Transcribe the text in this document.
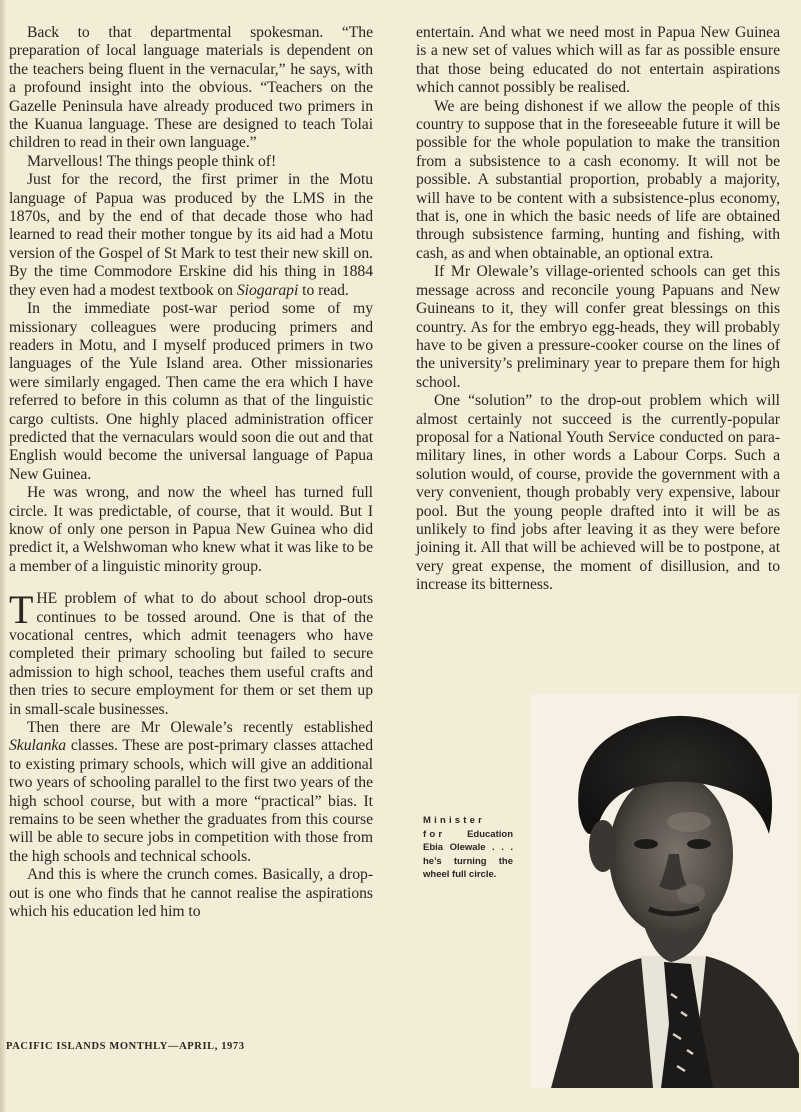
Back to that departmental spokesman. “The preparation of local language materials is dependent on the teachers being fluent in the vernacular,” he says, with a profound insight into the obvious. “Teachers on the Gazelle Peninsula have already produced two primers in the Kuanua language. These are designed to teach Tolai children to read in their own language.”

Marvellous! The things people think of!

Just for the record, the first primer in the Motu language of Papua was produced by the LMS in the 1870s, and by the end of that decade those who had learned to read their mother tongue by its aid had a Motu version of the Gospel of St Mark to test their new skill on. By the time Commodore Erskine did his thing in 1884 they even had a modest textbook on Siogarapi to read.

In the immediate post-war period some of my missionary colleagues were producing primers and readers in Motu, and I myself produced primers in two languages of the Yule Island area. Other missionaries were similarly engaged. Then came the era which I have referred to before in this column as that of the linguistic cargo cultists. One highly placed administration officer predicted that the vernaculars would soon die out and that English would become the universal language of Papua New Guinea.

He was wrong, and now the wheel has turned full circle. It was predictable, of course, that it would. But I know of only one person in Papua New Guinea who did predict it, a Welshwoman who knew what it was like to be a member of a linguistic minority group.

THE problem of what to do about school drop-outs continues to be tossed around. One is that of the vocational centres, which admit teenagers who have completed their primary schooling but failed to secure admission to high school, teaches them useful crafts and then tries to secure employment for them or set them up in small-scale businesses.

Then there are Mr Olewale’s recently established Skulanka classes. These are post-primary classes attached to existing primary schools, which will give an additional two years of schooling parallel to the first two years of the high school course, but with a more “practical” bias. It remains to be seen whether the graduates from this course will be able to secure jobs in competition with those from the high schools and technical schools.

And this is where the crunch comes. Basically, a drop-out is one who finds that he cannot realise the aspirations which his education led him to

entertain. And what we need most in Papua New Guinea is a new set of values which will as far as possible ensure that those being educated do not entertain aspirations which cannot possibly be realised.

We are being dishonest if we allow the people of this country to suppose that in the foreseeable future it will be possible for the whole population to make the transition from a subsistence to a cash economy. It will not be possible. A substantial proportion, probably a majority, will have to be content with a subsistence-plus economy, that is, one in which the basic needs of life are obtained through subsistence farming, hunting and fishing, with cash, as and when obtainable, an optional extra.

If Mr Olewale’s village-oriented schools can get this message across and reconcile young Papuans and New Guineans to it, they will confer great blessings on this country. As for the embryo egg-heads, they will probably have to be given a pressure-cooker course on the lines of the university’s preliminary year to prepare them for high school.

One “solution” to the drop-out problem which will almost certainly not succeed is the currently-popular proposal for a National Youth Service conducted on para-military lines, in other words a Labour Corps. Such a solution would, of course, provide the government with a very convenient, though probably very expensive, labour pool. But the young people drafted into it will be as unlikely to find jobs after leaving it as they were before joining it. All that will be achieved will be to postpone, at very great expense, the moment of disillusion, and to increase its bitterness.

Minister for Education Ebia Olewale . . . he’s turning the wheel full circle.
PACIFIC ISLANDS MONTHLY—APRIL, 1973
